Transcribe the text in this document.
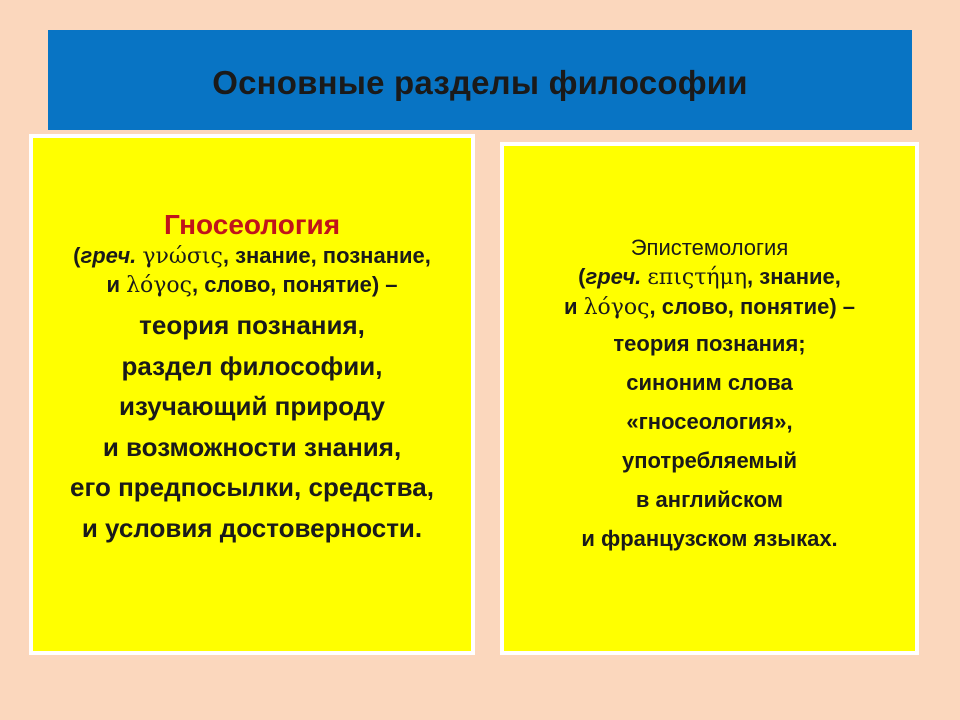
Основные разделы философии
Гносеология
(греч. γνώσις, знание, познание,
и λόγος, слово, понятие) –
теория познания,
раздел философии,
изучающий природу
и возможности знания,
его предпосылки, средства,
и условия достоверности.
Эпистемология
(греч. επιςτήμη, знание,
и λόγος, слово, понятие) –
теория познания;
синоним слова
«гносеология»,
употребляемый
в английском
и французском языках.
